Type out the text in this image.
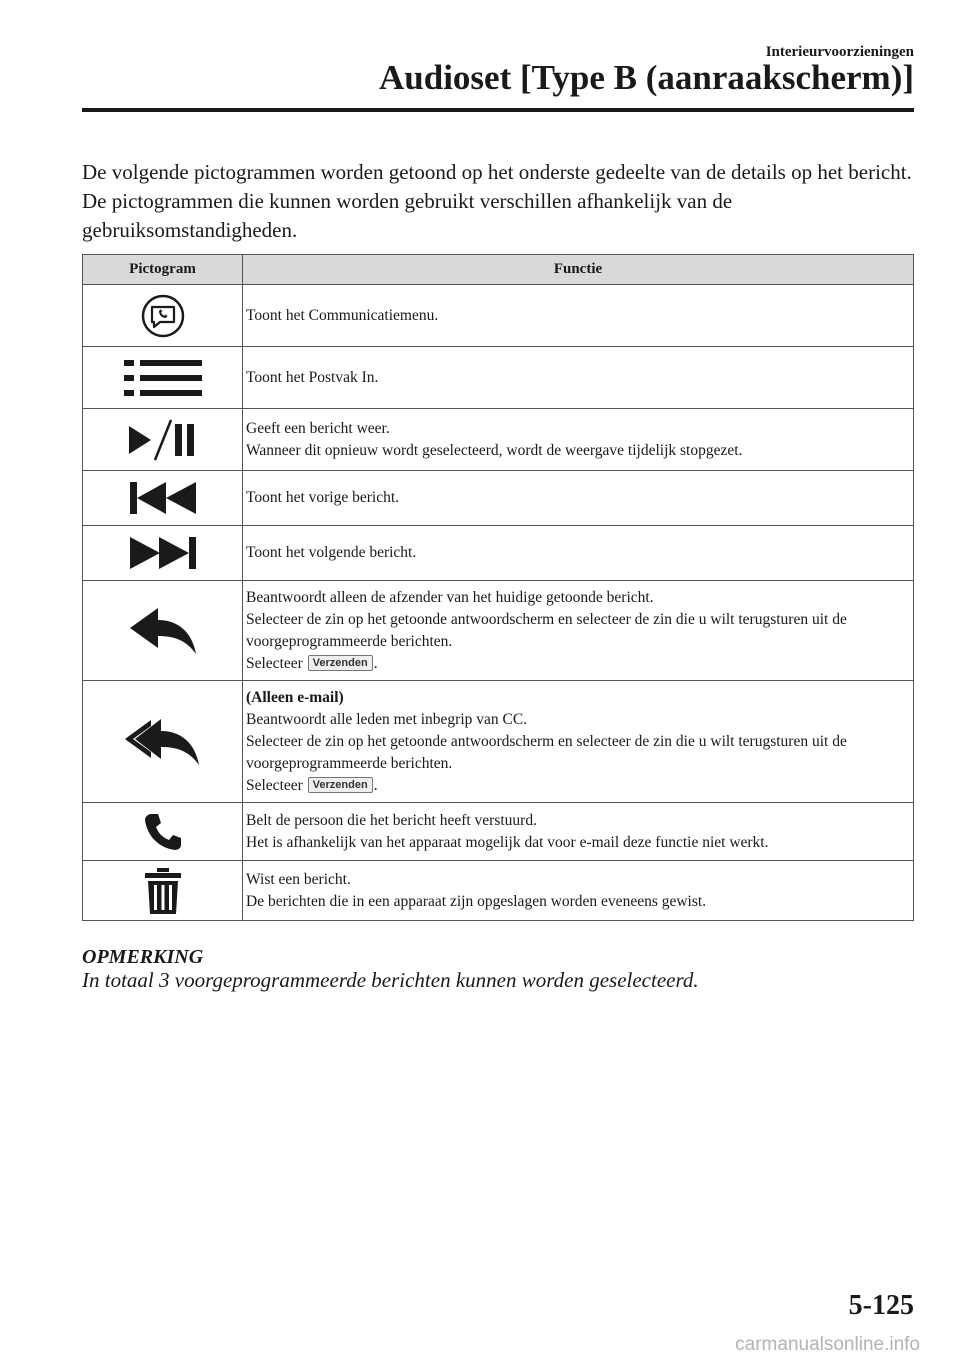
Interieurvoorzieningen
Audioset [Type B (aanraakscherm)]

De volgende pictogrammen worden getoond op het onderste gedeelte van de details op het bericht. De pictogrammen die kunnen worden gebruikt verschillen afhankelijk van de gebruiksomstandigheden.

Pictogram	Functie

Toont het Communicatiemenu.

Toont het Postvak In.

Geeft een bericht weer.
Wanneer dit opnieuw wordt geselecteerd, wordt de weergave tijdelijk stopgezet.

Toont het vorige bericht.

Toont het volgende bericht.

Beantwoordt alleen de afzender van het huidige getoonde bericht.
Selecteer de zin op het getoonde antwoordscherm en selecteer de zin die u wilt terugsturen uit de voorgeprogrammeerde berichten.
Selecteer Verzenden .

(Alleen e-mail)
Beantwoordt alle leden met inbegrip van CC.
Selecteer de zin op het getoonde antwoordscherm en selecteer de zin die u wilt terugsturen uit de voorgeprogrammeerde berichten.
Selecteer Verzenden .

Belt de persoon die het bericht heeft verstuurd.
Het is afhankelijk van het apparaat mogelijk dat voor e-mail deze functie niet werkt.

Wist een bericht.
De berichten die in een apparaat zijn opgeslagen worden eveneens gewist.
OPMERKING
In totaal 3 voorgeprogrammeerde berichten kunnen worden geselecteerd.
5-125
carmanualsonline.info
